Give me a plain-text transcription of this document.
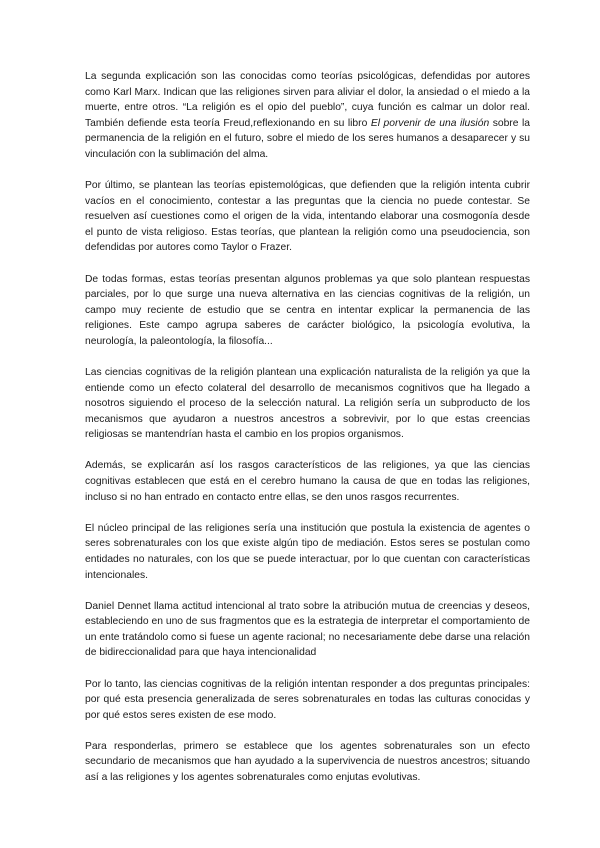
La segunda explicación son las conocidas como teorías psicológicas, defendidas por autores como Karl Marx. Indican que las religiones sirven para aliviar el dolor, la ansiedad o el miedo a la muerte, entre otros. “La religión es el opio del pueblo”, cuya función es calmar un dolor real. También defiende esta teoría Freud,reflexionando en su libro El porvenir de una ilusión sobre la permanencia de la religión en el futuro, sobre el miedo de los seres humanos a desaparecer y su vinculación con la sublimación del alma.

Por último, se plantean las teorías epistemológicas, que defienden que la religión intenta cubrir vacíos en el conocimiento, contestar a las preguntas que la ciencia no puede contestar. Se resuelven así cuestiones como el origen de la vida, intentando elaborar una cosmogonía desde el punto de vista religioso. Estas teorías, que plantean la religión como una pseudociencia, son defendidas por autores como Taylor o Frazer.

De todas formas, estas teorías presentan algunos problemas ya que solo plantean respuestas parciales, por lo que surge una nueva alternativa en las ciencias cognitivas de la religión, un campo muy reciente de estudio que se centra en intentar explicar la permanencia de las religiones. Este campo agrupa saberes de carácter biológico, la psicología evolutiva, la neurología, la paleontología, la filosofía...

Las ciencias cognitivas de la religión plantean una explicación naturalista de la religión ya que la entiende como un efecto colateral del desarrollo de mecanismos cognitivos que ha llegado a nosotros siguiendo el proceso de la selección natural. La religión sería un subproducto de los mecanismos que ayudaron a nuestros ancestros a sobrevivir, por lo que estas creencias religiosas se mantendrían hasta el cambio en los propios organismos.

Además, se explicarán así los rasgos característicos de las religiones, ya que las ciencias cognitivas establecen que está en el cerebro humano la causa de que en todas las religiones, incluso si no han entrado en contacto entre ellas, se den unos rasgos recurrentes.

El núcleo principal de las religiones sería una institución que postula la existencia de agentes o seres sobrenaturales con los que existe algún tipo de mediación. Estos seres se postulan como entidades no naturales, con los que se puede interactuar, por lo que cuentan con características intencionales.

Daniel Dennet llama actitud intencional al trato sobre la atribución mutua de creencias y deseos, estableciendo en uno de sus fragmentos que es la estrategia de interpretar el comportamiento de un ente tratándolo como si fuese un agente racional; no necesariamente debe darse una relación de bidireccionalidad para que haya intencionalidad

Por lo tanto, las ciencias cognitivas de la religión intentan responder a dos preguntas principales: por qué esta presencia generalizada de seres sobrenaturales en todas las culturas conocidas y por qué estos seres existen de ese modo.

Para responderlas, primero se establece que los agentes sobrenaturales son un efecto secundario de mecanismos que han ayudado a la supervivencia de nuestros ancestros; situando así a las religiones y los agentes sobrenaturales como enjutas evolutivas.
